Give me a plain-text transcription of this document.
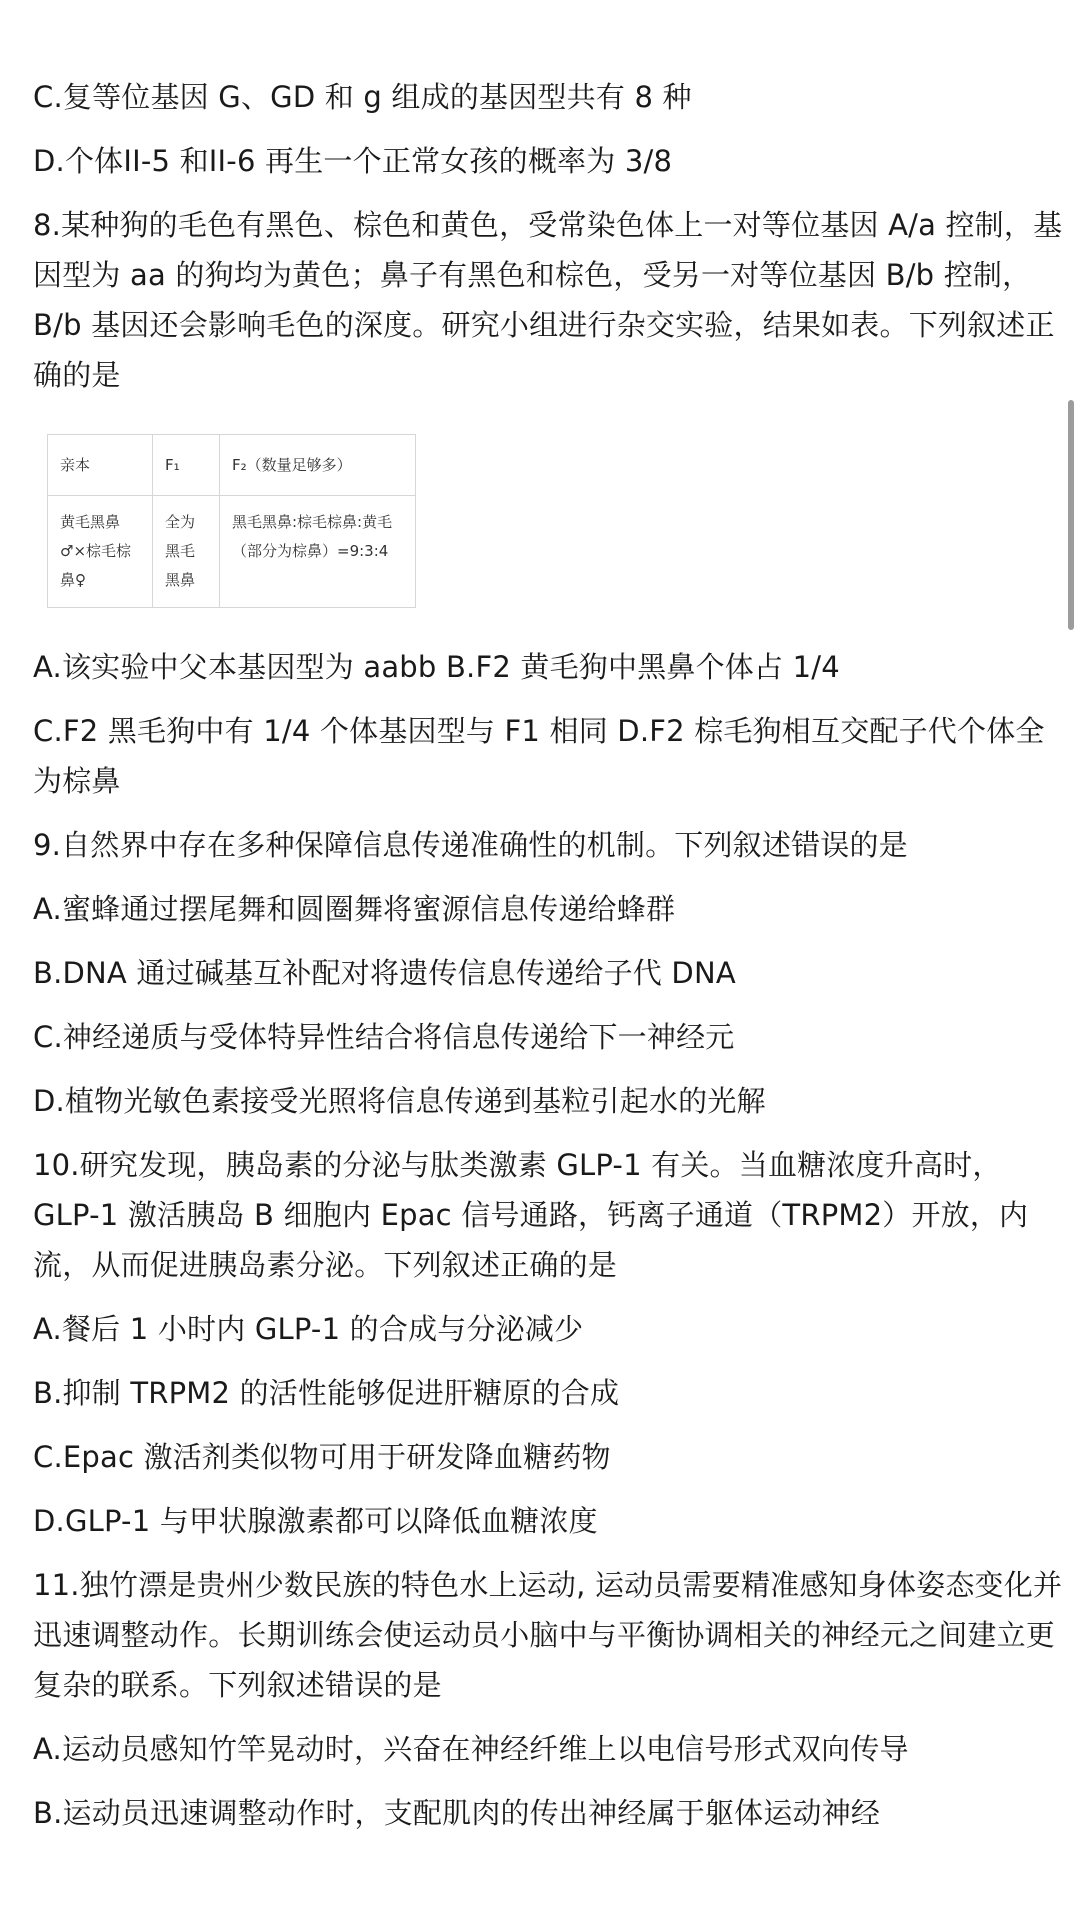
C.复等位基因 G、GD 和 g 组成的基因型共有 8 种

D.个体II-5 和II-6 再生一个正常女孩的概率为 3/8

8.某种狗的毛色有黑色、棕色和黄色，受常染色体上一对等位基因 A/a 控制，基因型为 aa 的狗均为黄色；鼻子有黑色和棕色，受另一对等位基因 B/b 控制，B/b 基因还会影响毛色的深度。研究小组进行杂交实验，结果如表。下列叙述正确的是

亲本	F₁	F₂（数量足够多）
黄毛黑鼻♂×棕毛棕鼻♀	全为黑毛黑鼻	黑毛黑鼻:棕毛棕鼻:黄毛（部分为棕鼻）=9:3:4

A.该实验中父本基因型为 aabb B.F2 黄毛狗中黑鼻个体占 1/4

C.F2 黑毛狗中有 1/4 个体基因型与 F1 相同 D.F2 棕毛狗相互交配子代个体全为棕鼻

9.自然界中存在多种保障信息传递准确性的机制。下列叙述错误的是

A.蜜蜂通过摆尾舞和圆圈舞将蜜源信息传递给蜂群

B.DNA 通过碱基互补配对将遗传信息传递给子代 DNA

C.神经递质与受体特异性结合将信息传递给下一神经元

D.植物光敏色素接受光照将信息传递到基粒引起水的光解

10.研究发现，胰岛素的分泌与肽类激素 GLP-1 有关。当血糖浓度升高时，GLP-1 激活胰岛 B 细胞内 Epac 信号通路，钙离子通道（TRPM2）开放，内流，从而促进胰岛素分泌。下列叙述正确的是

A.餐后 1 小时内 GLP-1 的合成与分泌减少

B.抑制 TRPM2 的活性能够促进肝糖原的合成

C.Epac 激活剂类似物可用于研发降血糖药物

D.GLP-1 与甲状腺激素都可以降低血糖浓度

11.独竹漂是贵州少数民族的特色水上运动, 运动员需要精准感知身体姿态变化并迅速调整动作。长期训练会使运动员小脑中与平衡协调相关的神经元之间建立更复杂的联系。下列叙述错误的是

A.运动员感知竹竿晃动时，兴奋在神经纤维上以电信号形式双向传导

B.运动员迅速调整动作时，支配肌肉的传出神经属于躯体运动神经
